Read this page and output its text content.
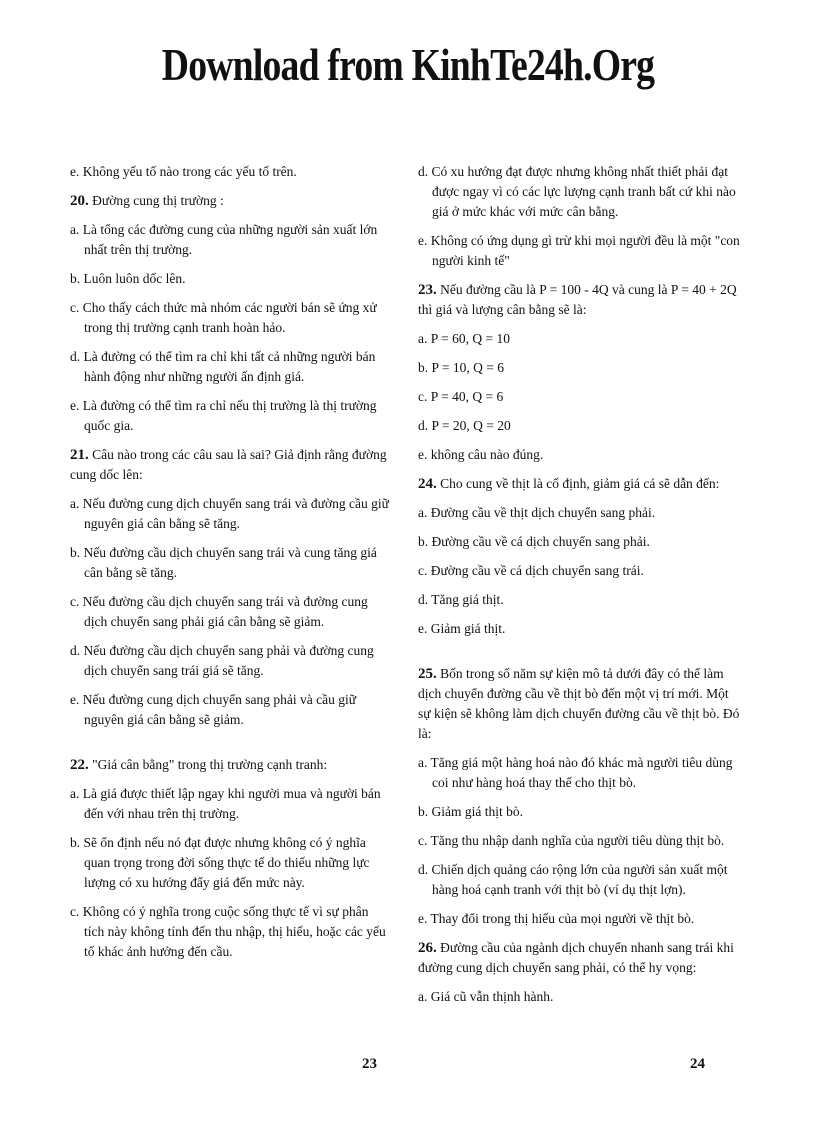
Download from KinhTe24h.Org
e. Không yếu tố nào trong các yếu tố trên.
20. Đường cung thị trường :
a. Là tổng các đường cung của những người sản xuất lớn nhất trên thị trường.
b. Luôn luôn dốc lên.
c. Cho thấy cách thức mà nhóm các người bán sẽ ứng xử trong thị trường cạnh tranh hoàn hảo.
d. Là đường có thể tìm ra chỉ khi tất cả những người bán hành động như những người ấn định giá.
e. Là đường có thể tìm ra chỉ nếu thị trường là thị trường quốc gia.
21. Câu nào trong các câu sau là sai? Giả định rằng đường cung dốc lên:
a. Nếu đường cung dịch chuyển sang trái và đường cầu giữ nguyên giá cân bằng sẽ tăng.
b. Nếu đường cầu dịch chuyển sang trái và cung tăng giá cân bằng sẽ tăng.
c. Nếu đường cầu dịch chuyển sang trái và đường cung dịch chuyển sang phải giá cân bằng sẽ giảm.
d. Nếu đường cầu dịch chuyển sang phải và đường cung dịch chuyển sang trái giá sẽ tăng.
e. Nếu đường cung dịch chuyển sang phải và cầu giữ nguyên giá cân bằng sẽ giảm.
22. "Giá cân bằng" trong thị trường cạnh tranh:
a. Là giá được thiết lập ngay khi người mua và người bán đến với nhau trên thị trường.
b. Sẽ ổn định nếu nó đạt được nhưng không có ý nghĩa quan trọng trong đời sống thực tế do thiếu những lực lượng có xu hướng đẩy giá đến mức này.
c. Không có ý nghĩa trong cuộc sống thực tế vì sự phân tích này không tính đến thu nhập, thị hiếu, hoặc các yếu tố khác ảnh hưởng đến cầu.
d. Có xu hướng đạt được nhưng không nhất thiết phải đạt được ngay vì có các lực lượng cạnh tranh bất cứ khi nào giá ở mức khác với mức cân bằng.
e. Không có ứng dụng gì trừ khi mọi người đều là một "con người kinh tế"
23. Nếu đường cầu là P = 100 - 4Q và cung là P = 40 + 2Q thì giá và lượng cân bằng sẽ là:
a. P = 60, Q = 10
b. P = 10, Q = 6
c. P = 40, Q = 6
d. P = 20, Q = 20
e. không câu nào đúng.
24. Cho cung về thịt là cố định, giảm giá cá sẽ dẫn đến:
a. Đường cầu về thịt dịch chuyển sang phải.
b. Đường cầu về cá dịch chuyển sang phải.
c. Đường cầu về cá dịch chuyển sang trái.
d. Tăng giá thịt.
e. Giảm giá thịt.
25. Bốn trong số năm sự kiện mô tả dưới đây có thể làm dịch chuyển đường cầu về thịt bò đến một vị trí mới. Một sự kiện sẽ không làm dịch chuyển đường cầu về thịt bò. Đó là:
a. Tăng giá một hàng hoá nào đó khác mà người tiêu dùng coi như hàng hoá thay thế cho thịt bò.
b. Giảm giá thịt bò.
c. Tăng thu nhập danh nghĩa của người tiêu dùng thịt bò.
d. Chiến dịch quảng cáo rộng lớn của người sản xuất một hàng hoá cạnh tranh với thịt bò (ví dụ thịt lợn).
e. Thay đổi trong thị hiếu của mọi người về thịt bò.
26. Đường cầu của ngành dịch chuyển nhanh sang trái khi đường cung dịch chuyển sang phải, có thể hy vọng:
a. Giá cũ vẫn thịnh hành.
23	24
